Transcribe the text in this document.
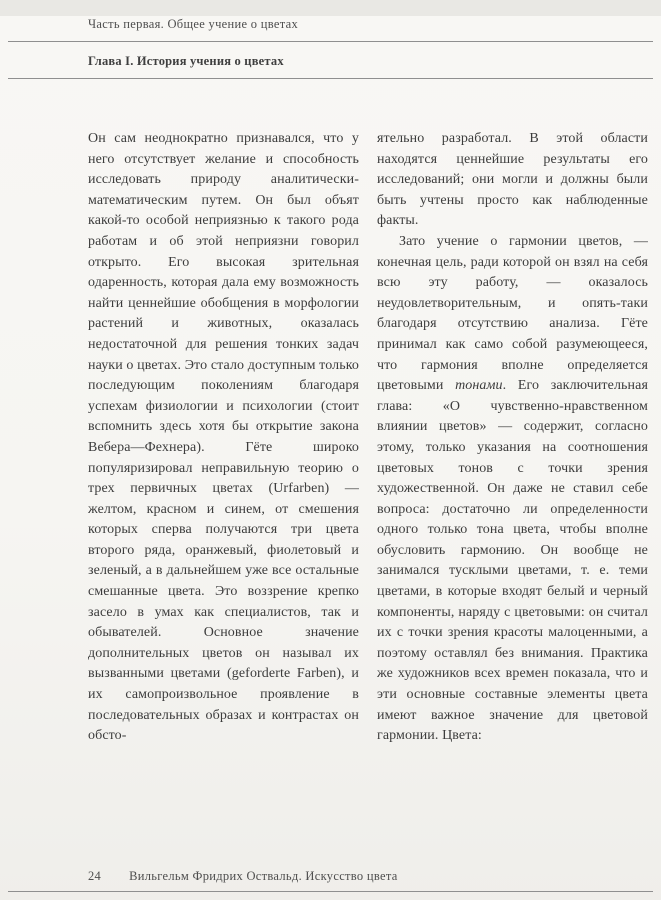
Часть первая. Общее учение о цветах
Глава I. История учения о цветах

Он сам неоднократно признавался, что у него отсутствует желание и способность исследовать природу аналитически-математическим путем. Он был объят какой-то особой неприязнью к такого рода работам и об этой неприязни говорил открыто. Его высокая зрительная одаренность, которая дала ему возможность найти ценнейшие обобщения в морфологии растений и животных, оказалась недостаточной для решения тонких задач науки о цветах. Это стало доступным только последующим поколениям благодаря успехам физиологии и психологии (стоит вспомнить здесь хотя бы открытие закона Вебера—Фехнера). Гёте широко популяризировал неправильную теорию о трех первичных цветах (Urfarben) — желтом, красном и синем, от смешения которых сперва получаются три цвета второго ряда, оранжевый, фиолетовый и зеленый, а в дальнейшем уже все остальные смешанные цвета. Это воззрение крепко засело в умах как специалистов, так и обывателей. Основное значение дополнительных цветов он называл их вызванными цветами (geforderte Farben), и их самопроизвольное проявление в последовательных образах и контрастах он обсто-

ятельно разработал. В этой области находятся ценнейшие результаты его исследований; они могли и должны были быть учтены просто как наблюденные факты.

Зато учение о гармонии цветов, — конечная цель, ради которой он взял на себя всю эту работу, — оказалось неудовлетворительным, и опять-таки благодаря отсутствию анализа. Гёте принимал как само собой разумеющееся, что гармония вполне определяется цветовыми тонами. Его заключительная глава: «О чувственно-нравственном влиянии цветов» — содержит, согласно этому, только указания на соотношения цветовых тонов с точки зрения художественной. Он даже не ставил себе вопроса: достаточно ли определенности одного только тона цвета, чтобы вполне обусловить гармонию. Он вообще не занимался тусклыми цветами, т. е. теми цветами, в которые входят белый и черный компоненты, наряду с цветовыми: он считал их с точки зрения красоты малоценными, а поэтому оставлял без внимания. Практика же художников всех времен показала, что и эти основные составные элементы цвета имеют важное значение для цветовой гармонии. Цвета:

24 Вильгельм Фридрих Оствальд. Искусство цвета
